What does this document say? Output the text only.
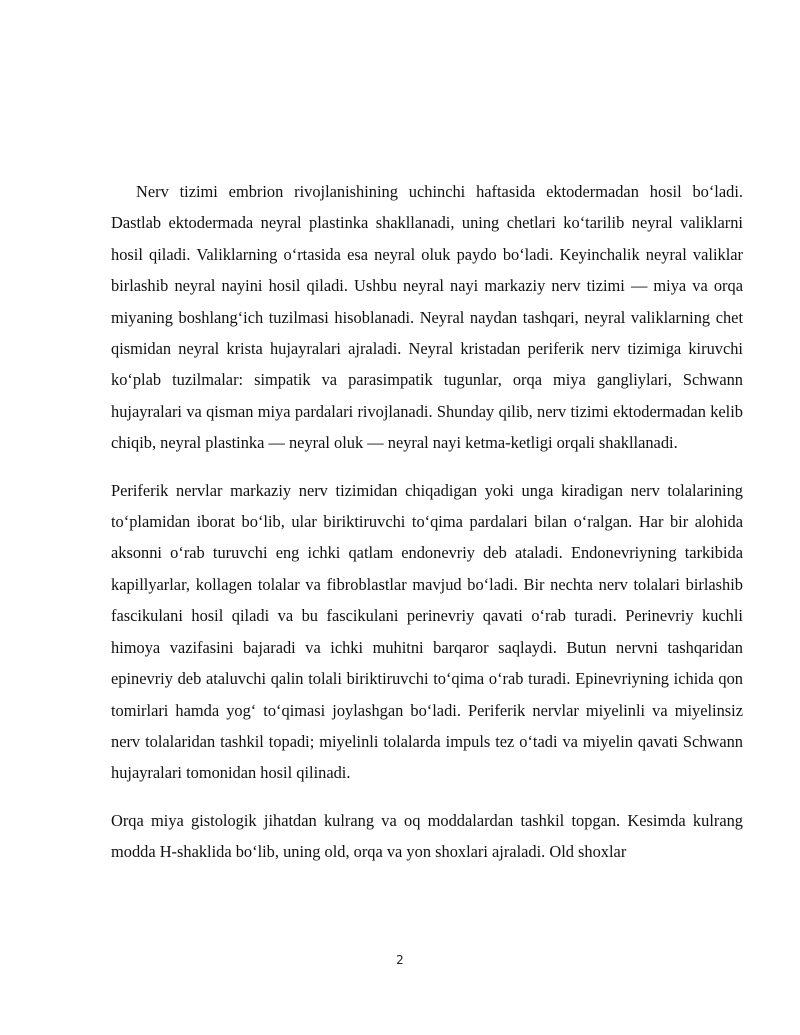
Nerv tizimi embrion rivojlanishining uchinchi haftasida ektodermadan hosil bo‘ladi. Dastlab ektodermada neyral plastinka shakllanadi, uning chetlari ko‘tarilib neyral valiklarni hosil qiladi. Valiklarning o‘rtasida esa neyral oluk paydo bo‘ladi. Keyinchalik neyral valiklar birlashib neyral nayini hosil qiladi. Ushbu neyral nayi markaziy nerv tizimi — miya va orqa miyaning boshlang‘ich tuzilmasi hisoblanadi. Neyral naydan tashqari, neyral valiklarning chet qismidan neyral krista hujayralari ajraladi. Neyral kristadan periferik nerv tizimiga kiruvchi ko‘plab tuzilmalar: simpatik va parasimpatik tugunlar, orqa miya gangliylari, Schwann hujayralari va qisman miya pardalari rivojlanadi. Shunday qilib, nerv tizimi ektodermadan kelib chiqib, neyral plastinka — neyral oluk — neyral nayi ketma-ketligi orqali shakllanadi.

Periferik nervlar markaziy nerv tizimidan chiqadigan yoki unga kiradigan nerv tolalarining to‘plamidan iborat bo‘lib, ular biriktiruvchi to‘qima pardalari bilan o‘ralgan. Har bir alohida aksonni o‘rab turuvchi eng ichki qatlam endonevriy deb ataladi. Endonevriyning tarkibida kapillyarlar, kollagen tolalar va fibroblastlar mavjud bo‘ladi. Bir nechta nerv tolalari birlashib fascikulani hosil qiladi va bu fascikulani perinevriy qavati o‘rab turadi. Perinevriy kuchli himoya vazifasini bajaradi va ichki muhitni barqaror saqlaydi. Butun nervni tashqaridan epinevriy deb ataluvchi qalin tolali biriktiruvchi to‘qima o‘rab turadi. Epinevriyning ichida qon tomirlari hamda yog‘ to‘qimasi joylashgan bo‘ladi. Periferik nervlar miyelinli va miyelinsiz nerv tolalaridan tashkil topadi; miyelinli tolalarda impuls tez o‘tadi va miyelin qavati Schwann hujayralari tomonidan hosil qilinadi.

Orqa miya gistologik jihatdan kulrang va oq moddalardan tashkil topgan. Kesimda kulrang modda H-shaklida bo‘lib, uning old, orqa va yon shoxlari ajraladi. Old shoxlar

2
